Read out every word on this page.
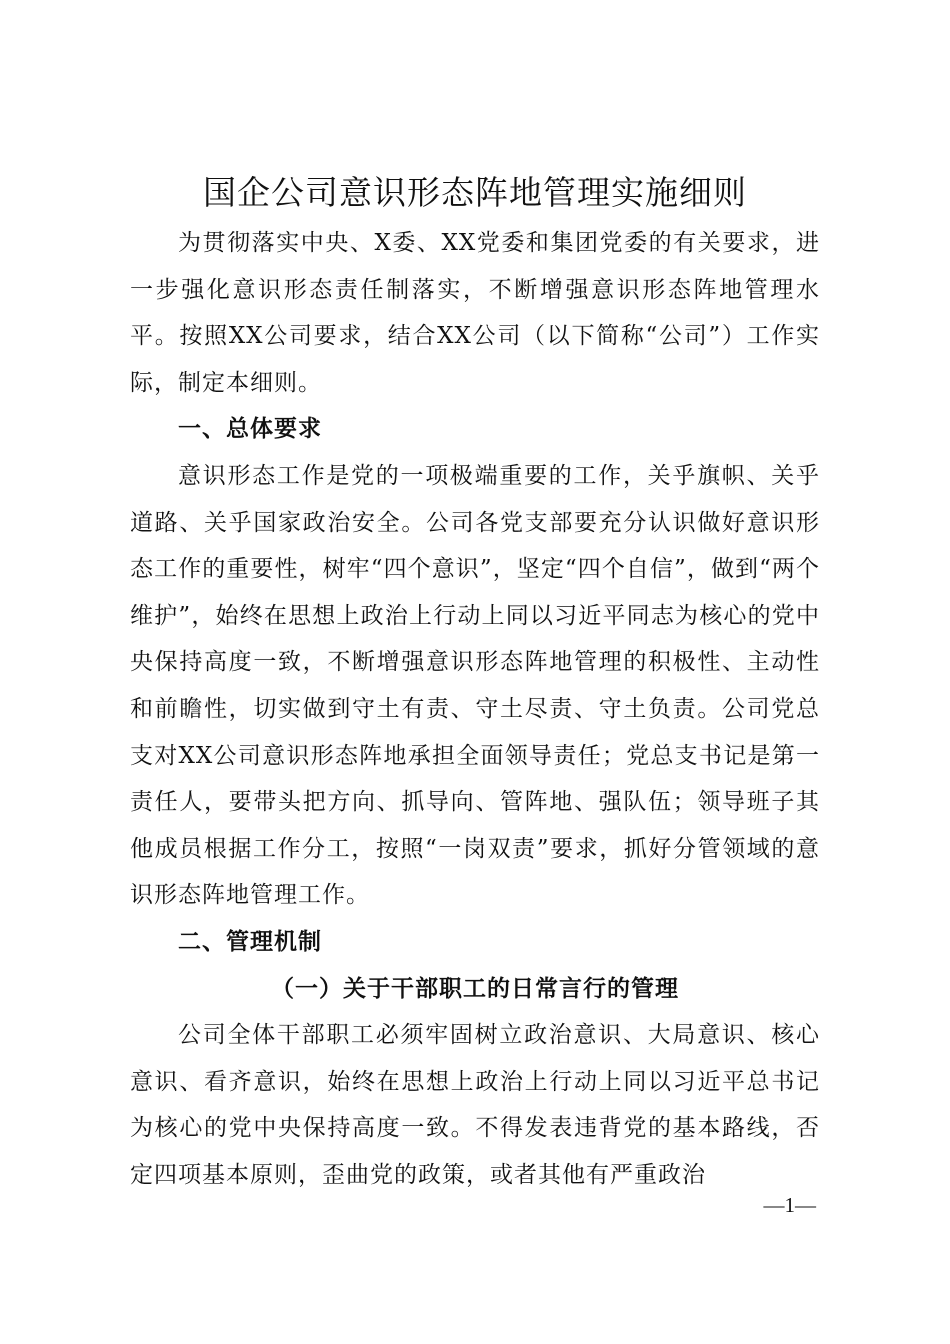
国企公司意识形态阵地管理实施细则

为贯彻落实中央、X委、XX党委和集团党委的有关要求，进一步强化意识形态责任制落实，不断增强意识形态阵地管理水平。按照XX公司要求，结合XX公司（以下简称“公司”）工作实际，制定本细则。

一、总体要求

意识形态工作是党的一项极端重要的工作，关乎旗帜、关乎道路、关乎国家政治安全。公司各党支部要充分认识做好意识形态工作的重要性，树牢“四个意识”，坚定“四个自信”，做到“两个维护”，始终在思想上政治上行动上同以习近平同志为核心的党中央保持高度一致，不断增强意识形态阵地管理的积极性、主动性和前瞻性，切实做到守土有责、守土尽责、守土负责。公司党总支对XX公司意识形态阵地承担全面领导责任；党总支书记是第一责任人，要带头把方向、抓导向、管阵地、强队伍；领导班子其他成员根据工作分工，按照“一岗双责”要求，抓好分管领域的意识形态阵地管理工作。

二、管理机制

（一）关于干部职工的日常言行的管理

公司全体干部职工必须牢固树立政治意识、大局意识、核心意识、看齐意识，始终在思想上政治上行动上同以习近平总书记为核心的党中央保持高度一致。不得发表违背党的基本路线，否定四项基本原则，歪曲党的政策，或者其他有严重政治

—1—
